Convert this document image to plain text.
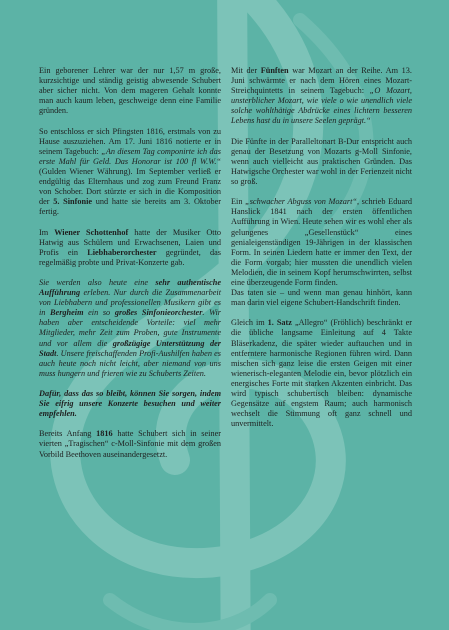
Ein geborener Lehrer war der nur 1,57 m große, kurzsichtige und ständig geistig abwesende Schubert aber sicher nicht. Von dem mageren Gehalt konnte man auch kaum leben, geschweige denn eine Familie gründen.

So entschloss er sich Pfingsten 1816, erstmals von zu Hause auszuziehen. Am 17. Juni 1816 notierte er in seinem Tagebuch: „An diesem Tag componirte ich das erste Mahl für Geld. Das Honorar ist 100 fl W.W.“ (Gulden Wiener Währung). Im September verließ er endgültig das Elternhaus und zog zum Freund Franz von Schober. Dort stürzte er sich in die Komposition der 5. Sinfonie und hatte sie bereits am 3. Oktober fertig.

Im Wiener Schottenhof hatte der Musiker Otto Hatwig aus Schülern und Erwachsenen, Laien und Profis ein Liebhaberorchester gegründet, das regelmäßig probte und Privat-Konzerte gab.

Sie werden also heute eine sehr authentische Aufführung erleben. Nur durch die Zusammenarbeit von Liebhabern und professionellen Musikern gibt es in Bergheim ein so großes Sinfonieorchester. Wir haben aber entscheidende Vorteile: viel mehr Mitglieder, mehr Zeit zum Proben, gute Instrumente und vor allem die großzügige Unterstützung der Stadt. Unsere freischaffenden Profi-Aushilfen haben es auch heute noch nicht leicht, aber niemand von uns muss hungern und frieren wie zu Schuberts Zeiten.

Dafür, dass das so bleibt, können Sie sorgen, indem Sie eifrig unsere Konzerte besuchen und weiter empfehlen.

Bereits Anfang 1816 hatte Schubert sich in seiner vierten „Tragischen“ c-Moll-Sinfonie mit dem großen Vorbild Beethoven auseinandergesetzt.

Mit der Fünften war Mozart an der Reihe. Am 13. Juni schwärmte er nach dem Hören eines Mozart-Streichquintetts in seinem Tagebuch: „O Mozart, unsterblicher Mozart, wie viele o wie unendlich viele solche wohlthätige Abdrücke eines lichtern besseren Lebens hast du in unsere Seelen geprägt.“

Die Fünfte in der Paralleltonart B-Dur entspricht auch genau der Besetzung von Mozarts g-Moll Sinfonie, wenn auch vielleicht aus praktischen Gründen. Das Hatwigsche Orchester war wohl in der Ferienzeit nicht so groß.

Ein „schwacher Abguss von Mozart“, schrieb Eduard Hanslick 1841 nach der ersten öffentlichen Aufführung in Wien. Heute sehen wir es wohl eher als gelungenes „Gesellenstück“ eines genialeigenständigen 19-Jährigen in der klassischen Form. In seinen Liedern hatte er immer den Text, der die Form vorgab; hier mussten die unendlich vielen Melodien, die in seinem Kopf herumschwirrten, selbst eine überzeugende Form finden.

Das taten sie – und wenn man genau hinhört, kann man darin viel eigene Schubert-Handschrift finden.

Gleich im 1. Satz „Allegro“ (Fröhlich) beschränkt er die übliche langsame Einleitung auf 4 Takte Bläserkadenz, die später wieder auftauchen und in entferntere harmonische Regionen führen wird. Dann mischen sich ganz leise die ersten Geigen mit einer wienerisch-eleganten Melodie ein, bevor plötzlich ein energisches Forte mit starken Akzenten einbricht. Das wird typisch schubertisch bleiben: dynamische Gegensätze auf engstem Raum; auch harmonisch wechselt die Stimmung oft ganz schnell und unvermittelt.
